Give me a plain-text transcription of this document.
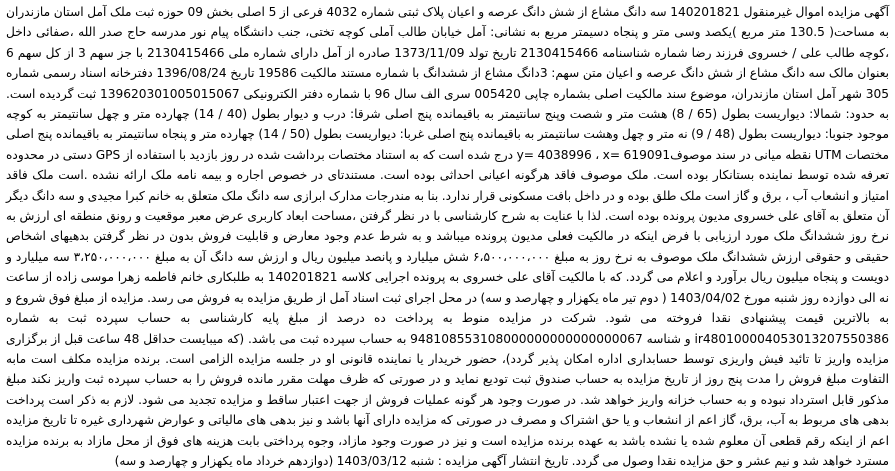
آگهی مزایده اموال غیرمنقول 140201821 سه دانگ مشاع از شش دانگ عرصه و اعیان پلاک ثبتی شماره 4032 فرعی از 5 اصلی بخش 09 حوزه ثبت ملک آمل استان مازندران به مساحت( 130.5 متر مربع )یکصد وسی متر و پنجاه دسیمتر مربع به نشانی: آمل خیابان طالب آملی کوچه تختی، جنب دانشگاه پیام نور مدرسه حاج صدر الله ،صفائی داخل ،کوچه طالب علی / خسروی فرزند رضا شماره شناسنامه 2130415466 تاریخ تولد 1373/11/09 صادره از آمل دارای شماره ملی 2130415466 با جز سهم 3 از کل سهم 6 بعنوان مالک سه دانگ مشاع از شش دانگ عرصه و اعیان متن سهم: 3دانگ مشاع از ششدانگ با شماره مستند مالکیت 19586 تاریخ 1396/08/24 دفترخانه اسناد رسمی شماره 305 شهر آمل استان مازندران، موضوع سند مالکیت اصلی بشماره چاپی 005420 سری الف سال 96 با شماره دفتر الکترونیکی 139620301005015067 ثبت گردیده است. به حدود: شمالا: دیواریست بطول (65 / 8) هشت متر و شصت وپنج سانتیمتر به باقیمانده پنج اصلی شرقا: درب و دیوار بطول (40 / 14) چهارده متر و چهل سانتیمتر به کوچه موجود جنوبا: دیواریست بطول (48 / 9) نه متر و چهل وهشت سانتیمتر به باقیمانده پنج اصلی غربا: دیواریست بطول (50 / 14) چهارده متر و پنجاه سانتیمتر به باقیمانده پنج اصلی مختصات UTM نقطه میانی در سند موصوفy= 4038996 ، x= 619091 درج شده است که به استناد مختصات برداشت شده در روز بازدید با استفاده از GPS دستی در محدوده تعرفه شده توسط نماینده بستانکار بوده است. ملک موصوف فاقد هرگونه اعیانی احداثی بوده است. مستندتای در خصوص اجاره و بیمه نامه ملک ارائه نشده .است ملک فاقد امتیاز و انشعاب آب ، برق و گاز است ملک طلق بوده و در داخل بافت مسکونی قرار ندارد. بنا به مندرجات مدارک ابرازی سه دانگ ملک متعلق به خانم کبرا مجیدی و سه دانگ دیگر آن متعلق به آقای علی خسروی مدیون پرونده بوده است. لذا با عنایت به شرح کارشناسی با در نظر گرفتن ،مساحت ابعاد کاربری عرض معبر موقعیت و رونق منطقه ای ارزش به نرخ روز ششدانگ ملک مورد ارزیابی با فرض اینکه در مالکیت فعلی مدیون پرونده میباشد و به شرط عدم وجود معارض و قابلیت فروش بدون در نظر گرفتن بدهیهای اشخاص حقیقی و حقوقی ارزش ششدانگ ملک موصوف به نرخ روز به مبلغ ۶،۵۰۰،۰۰۰،۰۰۰ شش میلیارد و پانصد میلیون ریال و ارزش سه دانگ آن به مبلغ ۳،۲۵۰،۰۰۰،۰۰۰ سه میلیارد و دویست و پنجاه میلیون ریال برآورد و اعلام می گردد. که با مالکیت آقای علی خسروی به پرونده اجرایی کلاسه 140201821 به طلبکاری خانم فاطمه زهرا موسی زاده از ساعت نه الی دوازده روز شنبه مورخ 1403/04/02 ( دوم تیر ماه یکهزار و چهارصد و سه) در محل اجرای ثبت اسناد آمل از طریق مزایده به فروش می رسد. مزایده از مبلغ فوق شروع و به بالاترین قیمت پیشنهادی نقدا فروخته می شود. شرکت در مزایده منوط به پرداخت ده درصد از مبلغ پایه کارشناسی به حساب سپرده ثبت به شماره ir480100004053013207550386 و شناسه 948108553108000000000000000067 به حساب سپرده ثبت می باشد. (که میبایست حداقل 48 ساعت قبل از برگزاری مزایده واریز تا تائید فیش واریزی توسط حسابداری اداره امکان پذیر گردد)، حضور خریدار یا نماینده قانونی او در جلسه مزایده الزامی است. برنده مزایده مکلف است مابه التفاوت مبلغ فروش را مدت پنج روز از تاریخ مزایده به حساب صندوق ثبت تودیع نماید و در صورتی که ظرف مهلت مقرر مانده فروش را به حساب سپرده ثبت واریز نکند مبلغ مذکور قابل استرداد نبوده و به حساب خزانه واریز خواهد شد. در صورت وجود هر گونه عملیات فروش از جهت اعتبار ساقط و مزایده تجدید می شود. لازم به ذکر است پرداخت بدهی های مربوط به آب، برق، گاز اعم از انشعاب و یا حق اشتراک و مصرف در صورتی که مزایده دارای آنها باشد و نیز بدهی های مالیاتی و عوارض شهرداری غیره تا تاریخ مزایده اعم از اینکه رقم قطعی آن معلوم شده یا نشده باشد به عهده برنده مزایده است و نیز در صورت وجود مازاد، وجوه پرداختی بابت هزینه های فوق از محل مازاد به برنده مزایده مسترد خواهد شد و نیم عشر و حق مزایده نقدا وصول می گردد. تاریخ انتشار آگهی مزایده : شنبه 1403/03/12 (دوازدهم خرداد ماه یکهزار و چهارصد و سه)
